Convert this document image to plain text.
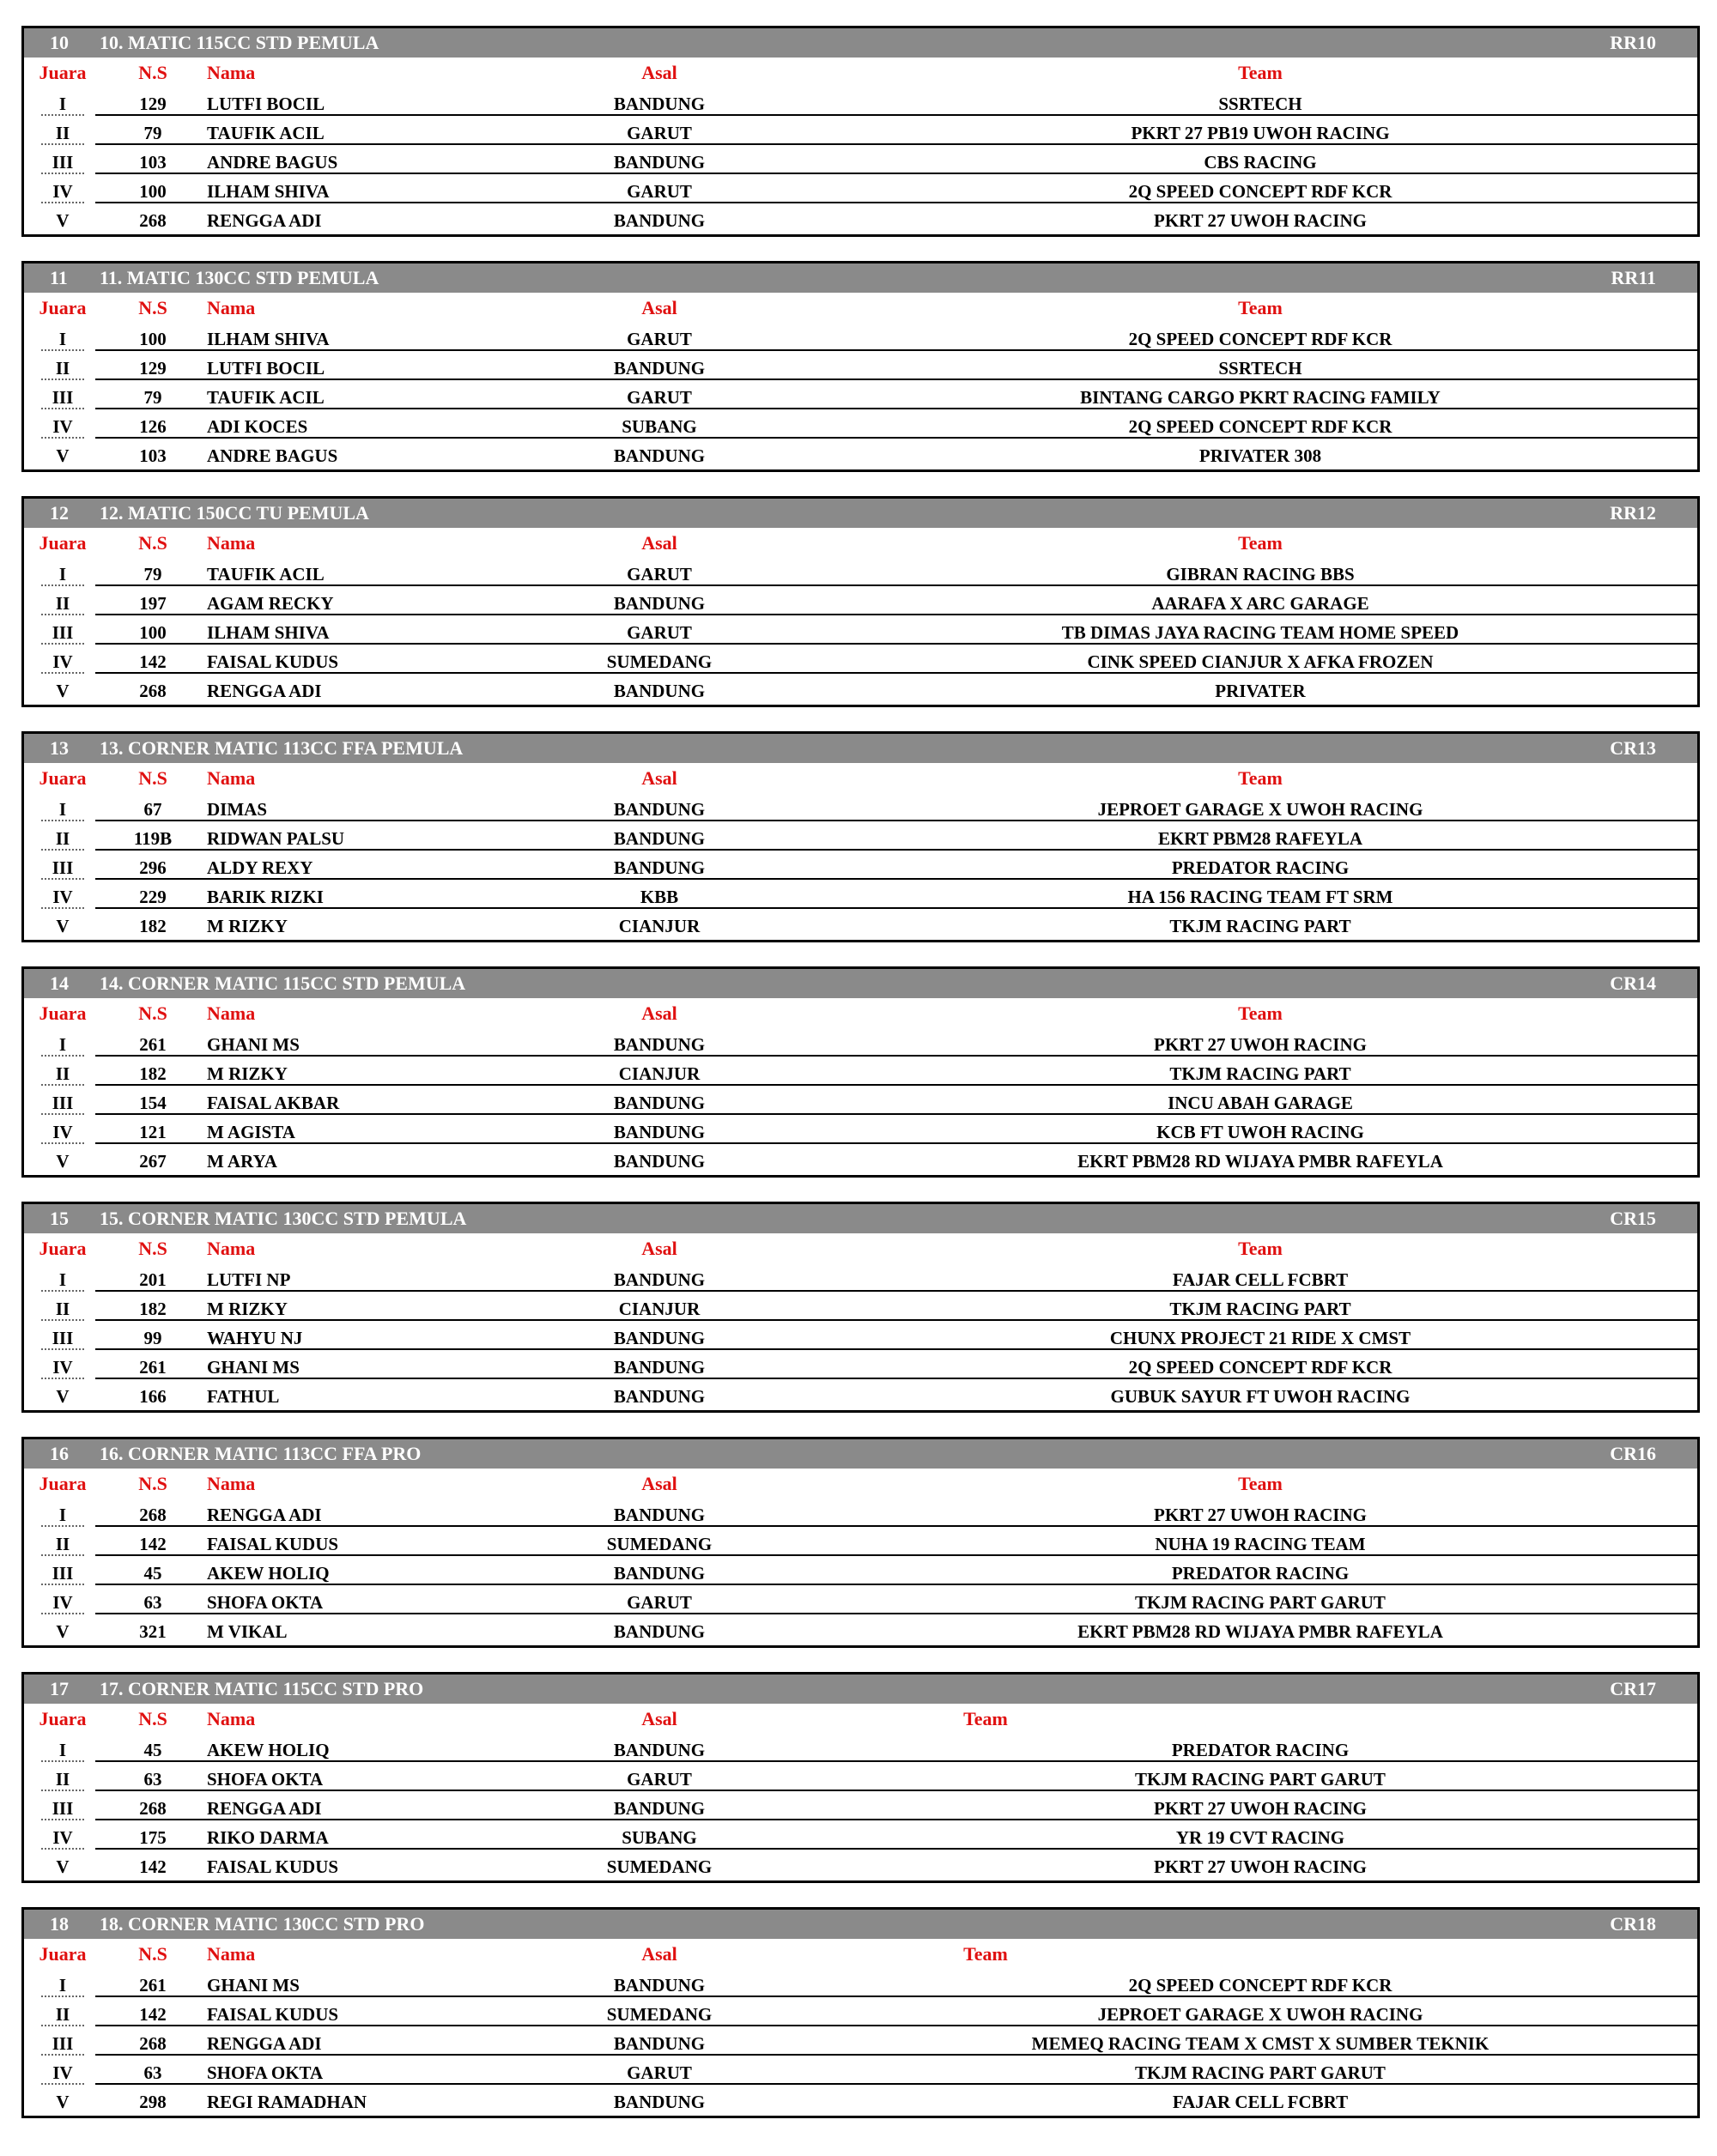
10 10. MATIC 115CC STD PEMULA	RR10
Juara	N.S	Nama	Asal	Team
I	129	LUTFI BOCIL	BANDUNG	SSRTECH
II	79	TAUFIK ACIL	GARUT	PKRT 27 PB19 UWOH RACING
III	103	ANDRE BAGUS	BANDUNG	CBS RACING
IV	100	ILHAM SHIVA	GARUT	2Q SPEED CONCEPT RDF KCR
V	268	RENGGA ADI	BANDUNG	PKRT 27 UWOH RACING
11 11. MATIC 130CC STD PEMULA	RR11
Juara	N.S	Nama	Asal	Team
I	100	ILHAM SHIVA	GARUT	2Q SPEED CONCEPT RDF KCR
II	129	LUTFI BOCIL	BANDUNG	SSRTECH
III	79	TAUFIK ACIL	GARUT	BINTANG CARGO PKRT RACING FAMILY
IV	126	ADI KOCES	SUBANG	2Q SPEED CONCEPT RDF KCR
V	103	ANDRE BAGUS	BANDUNG	PRIVATER 308
12 12. MATIC 150CC TU PEMULA	RR12
Juara	N.S	Nama	Asal	Team
I	79	TAUFIK ACIL	GARUT	GIBRAN RACING BBS
II	197	AGAM RECKY	BANDUNG	AARAFA X ARC GARAGE
III	100	ILHAM SHIVA	GARUT	TB DIMAS JAYA RACING TEAM HOME SPEED
IV	142	FAISAL KUDUS	SUMEDANG	CINK SPEED CIANJUR X AFKA FROZEN
V	268	RENGGA ADI	BANDUNG	PRIVATER
13 13. CORNER MATIC 113CC FFA PEMULA	CR13
Juara	N.S	Nama	Asal	Team
I	67	DIMAS	BANDUNG	JEPROET GARAGE X UWOH RACING
II	119B	RIDWAN PALSU	BANDUNG	EKRT PBM28 RAFEYLA
III	296	ALDY REXY	BANDUNG	PREDATOR RACING
IV	229	BARIK RIZKI	KBB	HA 156 RACING TEAM FT SRM
V	182	M RIZKY	CIANJUR	TKJM RACING PART
14 14. CORNER MATIC 115CC STD PEMULA	CR14
Juara	N.S	Nama	Asal	Team
I	261	GHANI MS	BANDUNG	PKRT 27 UWOH RACING
II	182	M RIZKY	CIANJUR	TKJM RACING PART
III	154	FAISAL AKBAR	BANDUNG	INCU ABAH GARAGE
IV	121	M AGISTA	BANDUNG	KCB FT UWOH RACING
V	267	M ARYA	BANDUNG	EKRT PBM28 RD WIJAYA PMBR RAFEYLA
15 15. CORNER MATIC 130CC STD PEMULA	CR15
Juara	N.S	Nama	Asal	Team
I	201	LUTFI NP	BANDUNG	FAJAR CELL FCBRT
II	182	M RIZKY	CIANJUR	TKJM RACING PART
III	99	WAHYU NJ	BANDUNG	CHUNX PROJECT 21 RIDE X CMST
IV	261	GHANI MS	BANDUNG	2Q SPEED CONCEPT RDF KCR
V	166	FATHUL	BANDUNG	GUBUK SAYUR FT UWOH RACING
16 16. CORNER MATIC 113CC FFA PRO	CR16
Juara	N.S	Nama	Asal	Team
I	268	RENGGA ADI	BANDUNG	PKRT 27 UWOH RACING
II	142	FAISAL KUDUS	SUMEDANG	NUHA 19 RACING TEAM
III	45	AKEW HOLIQ	BANDUNG	PREDATOR RACING
IV	63	SHOFA OKTA	GARUT	TKJM RACING PART GARUT
V	321	M VIKAL	BANDUNG	EKRT PBM28 RD WIJAYA PMBR RAFEYLA
17 17. CORNER MATIC 115CC STD PRO	CR17
Juara	N.S	Nama	Asal	Team
I	45	AKEW HOLIQ	BANDUNG	PREDATOR RACING
II	63	SHOFA OKTA	GARUT	TKJM RACING PART GARUT
III	268	RENGGA ADI	BANDUNG	PKRT 27 UWOH RACING
IV	175	RIKO DARMA	SUBANG	YR 19 CVT RACING
V	142	FAISAL KUDUS	SUMEDANG	PKRT 27 UWOH RACING
18 18. CORNER MATIC 130CC STD PRO	CR18
Juara	N.S	Nama	Asal	Team
I	261	GHANI MS	BANDUNG	2Q SPEED CONCEPT RDF KCR
II	142	FAISAL KUDUS	SUMEDANG	JEPROET GARAGE X UWOH RACING
III	268	RENGGA ADI	BANDUNG	MEMEQ RACING TEAM X CMST X SUMBER TEKNIK
IV	63	SHOFA OKTA	GARUT	TKJM RACING PART GARUT
V	298	REGI RAMADHAN	BANDUNG	FAJAR CELL FCBRT
